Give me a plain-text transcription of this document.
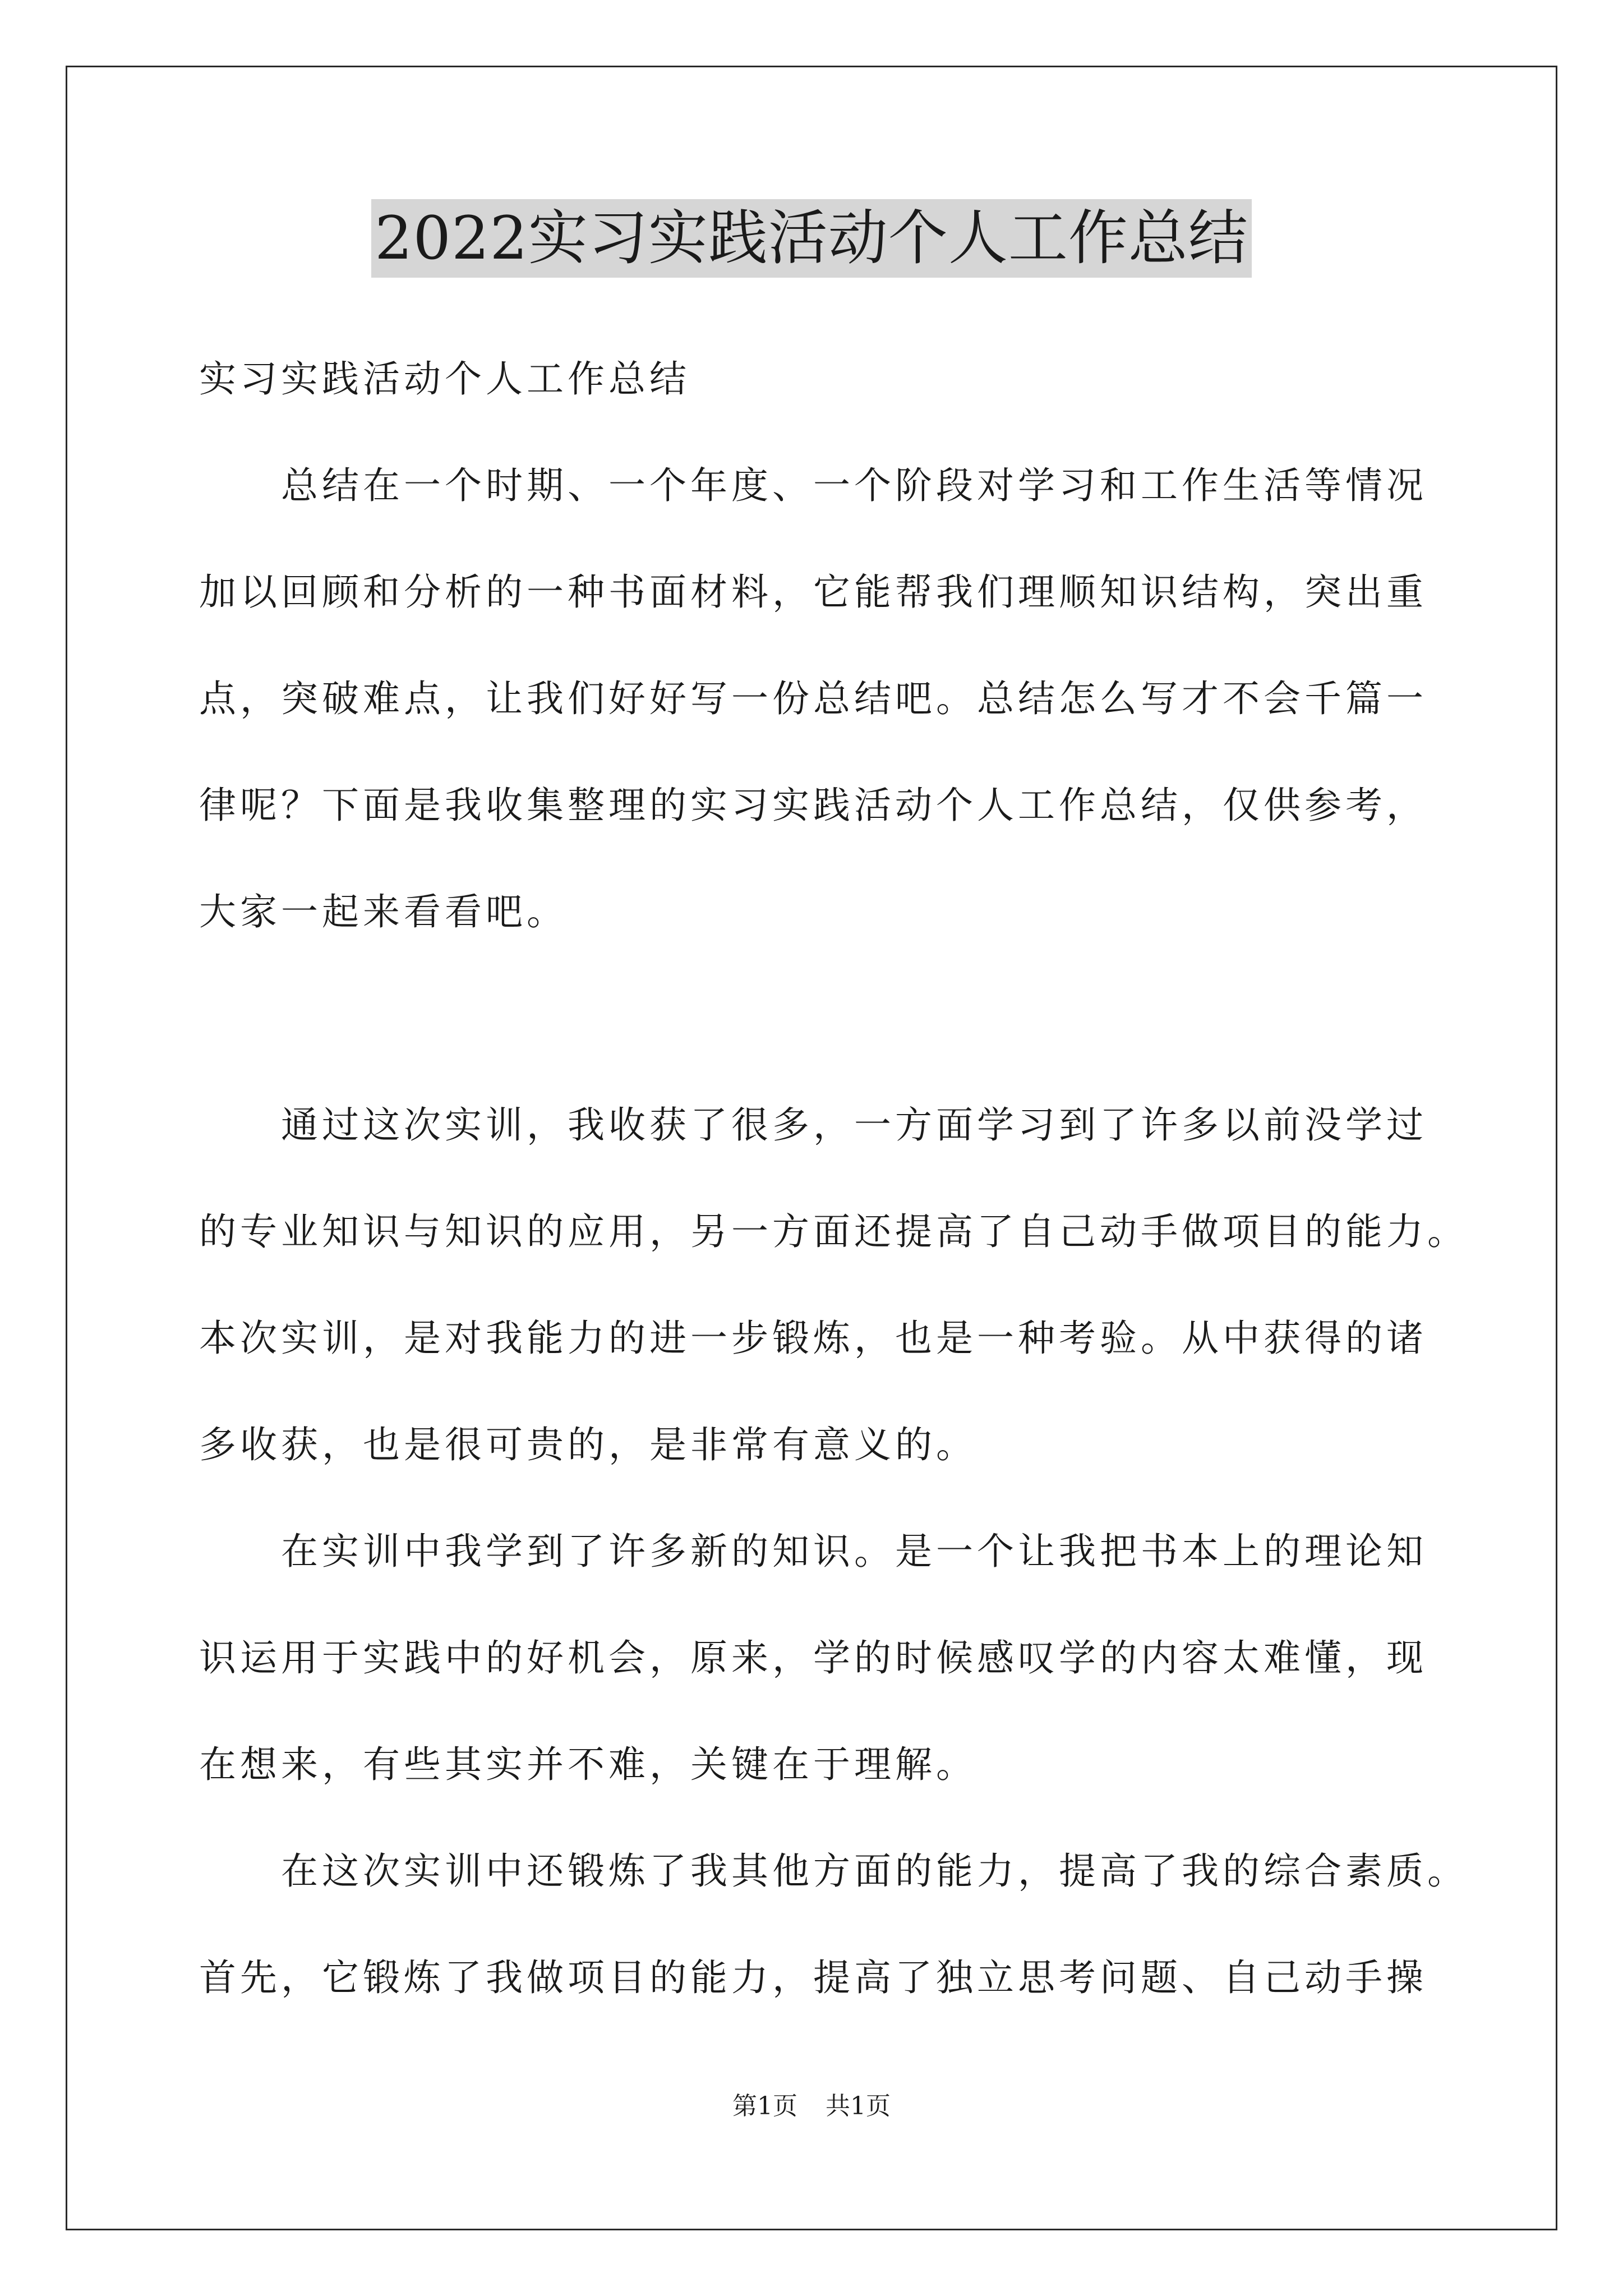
2022实习实践活动个人工作总结

实习实践活动个人工作总结

总结在一个时期、一个年度、一个阶段对学习和工作生活等情况

加以回顾和分析的一种书面材料，它能帮我们理顺知识结构，突出重

点，突破难点，让我们好好写一份总结吧。总结怎么写才不会千篇一

律呢？下面是我收集整理的实习实践活动个人工作总结，仅供参考，

大家一起来看看吧。

通过这次实训，我收获了很多，一方面学习到了许多以前没学过

的专业知识与知识的应用，另一方面还提高了自己动手做项目的能力。

本次实训，是对我能力的进一步锻炼，也是一种考验。从中获得的诸

多收获，也是很可贵的，是非常有意义的。

在实训中我学到了许多新的知识。是一个让我把书本上的理论知

识运用于实践中的好机会，原来，学的时候感叹学的内容太难懂，现

在想来，有些其实并不难，关键在于理解。

在这次实训中还锻炼了我其他方面的能力，提高了我的综合素质。

首先，它锻炼了我做项目的能力，提高了独立思考问题、自己动手操

第1页 共1页
